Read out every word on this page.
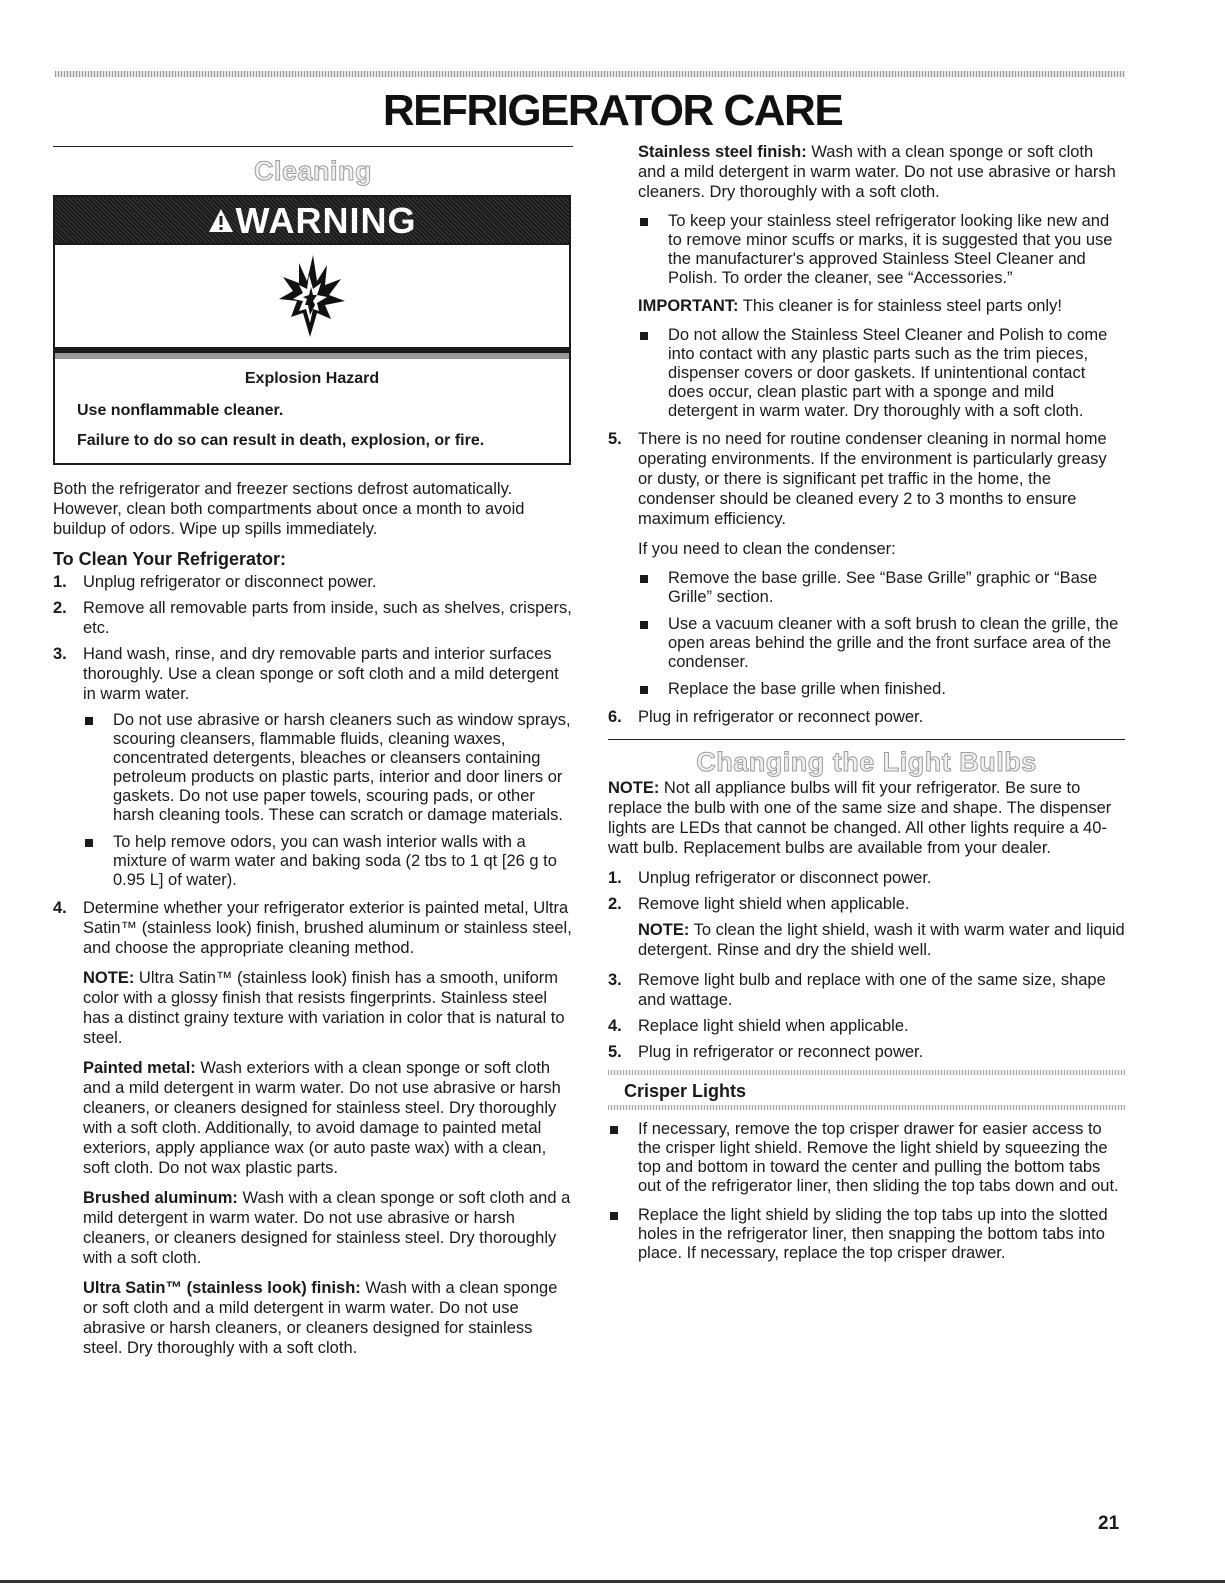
REFRIGERATOR CARE
Cleaning
WARNING
Explosion Hazard
Use nonflammable cleaner.
Failure to do so can result in death, explosion, or fire.

Both the refrigerator and freezer sections defrost automatically. However, clean both compartments about once a month to avoid buildup of odors. Wipe up spills immediately.

To Clean Your Refrigerator:
1. Unplug refrigerator or disconnect power.
2. Remove all removable parts from inside, such as shelves, crispers, etc.
3. Hand wash, rinse, and dry removable parts and interior surfaces thoroughly. Use a clean sponge or soft cloth and a mild detergent in warm water.
Do not use abrasive or harsh cleaners such as window sprays, scouring cleansers, flammable fluids, cleaning waxes, concentrated detergents, bleaches or cleansers containing petroleum products on plastic parts, interior and door liners or gaskets. Do not use paper towels, scouring pads, or other harsh cleaning tools. These can scratch or damage materials.
To help remove odors, you can wash interior walls with a mixture of warm water and baking soda (2 tbs to 1 qt [26 g to 0.95 L] of water).
4. Determine whether your refrigerator exterior is painted metal, Ultra Satin™ (stainless look) finish, brushed aluminum or stainless steel, and choose the appropriate cleaning method.

NOTE: Ultra Satin™ (stainless look) finish has a smooth, uniform color with a glossy finish that resists fingerprints. Stainless steel has a distinct grainy texture with variation in color that is natural to steel.

Painted metal: Wash exteriors with a clean sponge or soft cloth and a mild detergent in warm water. Do not use abrasive or harsh cleaners, or cleaners designed for stainless steel. Dry thoroughly with a soft cloth. Additionally, to avoid damage to painted metal exteriors, apply appliance wax (or auto paste wax) with a clean, soft cloth. Do not wax plastic parts.

Brushed aluminum: Wash with a clean sponge or soft cloth and a mild detergent in warm water. Do not use abrasive or harsh cleaners, or cleaners designed for stainless steel. Dry thoroughly with a soft cloth.

Ultra Satin™ (stainless look) finish: Wash with a clean sponge or soft cloth and a mild detergent in warm water. Do not use abrasive or harsh cleaners, or cleaners designed for stainless steel. Dry thoroughly with a soft cloth.

Stainless steel finish: Wash with a clean sponge or soft cloth and a mild detergent in warm water. Do not use abrasive or harsh cleaners. Dry thoroughly with a soft cloth.

To keep your stainless steel refrigerator looking like new and to remove minor scuffs or marks, it is suggested that you use the manufacturer's approved Stainless Steel Cleaner and Polish. To order the cleaner, see “Accessories.”

IMPORTANT: This cleaner is for stainless steel parts only!

Do not allow the Stainless Steel Cleaner and Polish to come into contact with any plastic parts such as the trim pieces, dispenser covers or door gaskets. If unintentional contact does occur, clean plastic part with a sponge and mild detergent in warm water. Dry thoroughly with a soft cloth.
5. There is no need for routine condenser cleaning in normal home operating environments. If the environment is particularly greasy or dusty, or there is significant pet traffic in the home, the condenser should be cleaned every 2 to 3 months to ensure maximum efficiency.

If you need to clean the condenser:

Remove the base grille. See “Base Grille” graphic or “Base Grille” section.
Use a vacuum cleaner with a soft brush to clean the grille, the open areas behind the grille and the front surface area of the condenser.
Replace the base grille when finished.
6. Plug in refrigerator or reconnect power.
Changing the Light Bulbs

NOTE: Not all appliance bulbs will fit your refrigerator. Be sure to replace the bulb with one of the same size and shape. The dispenser lights are LEDs that cannot be changed. All other lights require a 40-watt bulb. Replacement bulbs are available from your dealer.

1. Unplug refrigerator or disconnect power.
2. Remove light shield when applicable.

NOTE: To clean the light shield, wash it with warm water and liquid detergent. Rinse and dry the shield well.

3. Remove light bulb and replace with one of the same size, shape and wattage.
4. Replace light shield when applicable.
5. Plug in refrigerator or reconnect power.
Crisper Lights
If necessary, remove the top crisper drawer for easier access to the crisper light shield. Remove the light shield by squeezing the top and bottom in toward the center and pulling the bottom tabs out of the refrigerator liner, then sliding the top tabs down and out.
Replace the light shield by sliding the top tabs up into the slotted holes in the refrigerator liner, then snapping the bottom tabs into place. If necessary, replace the top crisper drawer.
21
